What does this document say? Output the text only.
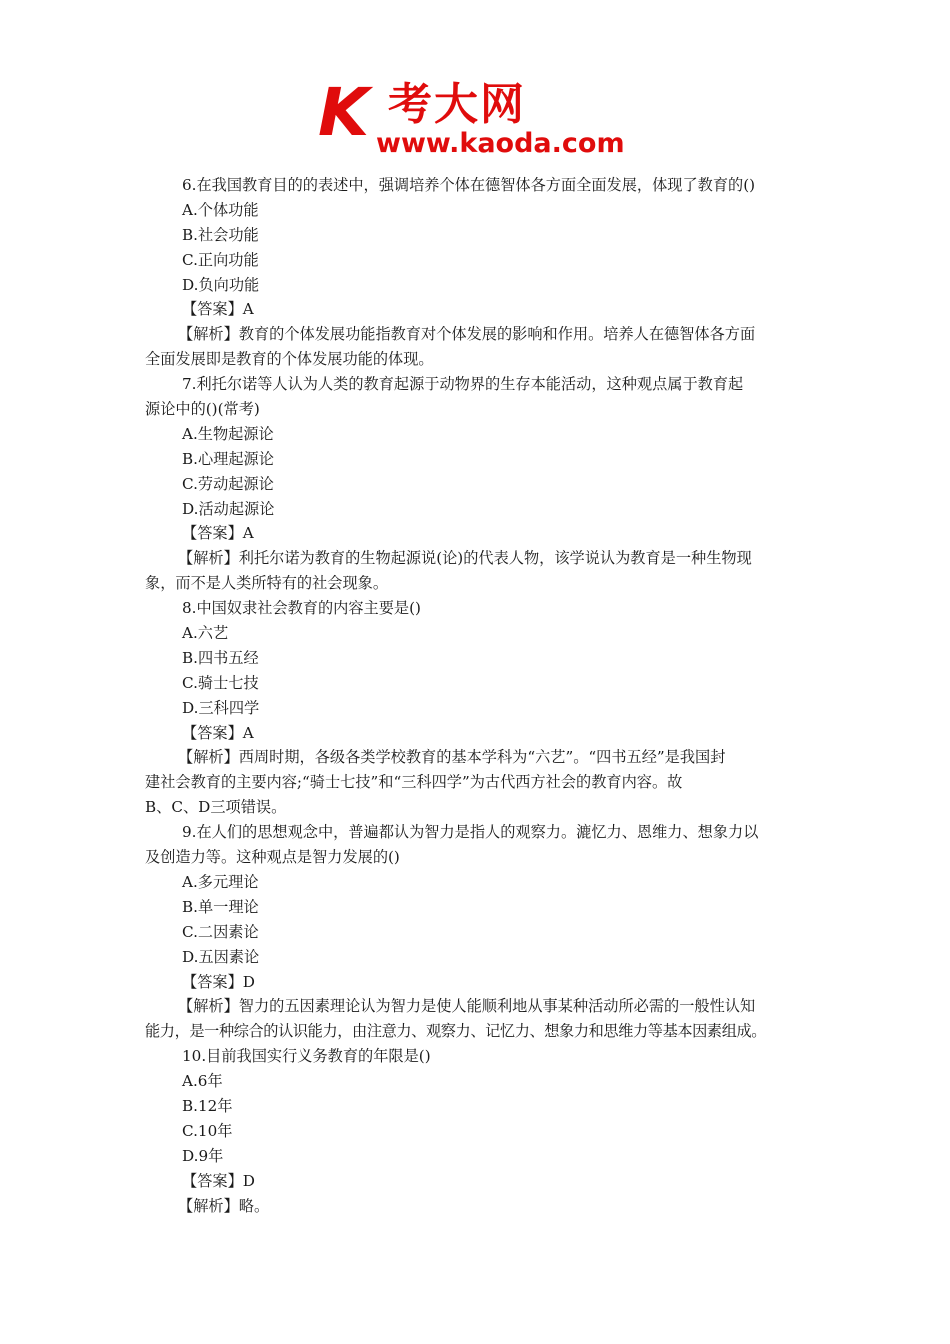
K 考大网
www.kaoda.com
6.在我国教育目的的表述中，强调培养个体在德智体各方面全面发展，体现了教育的()
A.个体功能
B.社会功能
C.正向功能
D.负向功能
【答案】A
【解析】教育的个体发展功能指教育对个体发展的影响和作用。培养人在德智体各方面
全面发展即是教育的个体发展功能的体现。
7.利托尔诺等人认为人类的教育起源于动物界的生存本能活动，这种观点属于教育起
源论中的()(常考)
A.生物起源论
B.心理起源论
C.劳动起源论
D.活动起源论
【答案】A
【解析】利托尔诺为教育的生物起源说(论)的代表人物，该学说认为教育是一种生物现
象，而不是人类所特有的社会现象。
8.中国奴隶社会教育的内容主要是()
A.六艺
B.四书五经
C.骑士七技
D.三科四学
【答案】A
【解析】西周时期，各级各类学校教育的基本学科为“六艺”。“四书五经”是我国封
建社会教育的主要内容;“骑士七技”和“三科四学”为古代西方社会的教育内容。故
B、C、D三项错误。
9.在人们的思想观念中，普遍都认为智力是指人的观察力。漉忆力、恩维力、想象力以
及创造力等。这种观点是智力发展的()
A.多元理论
B.单一理论
C.二因素论
D.五因素论
【答案】D
【解析】智力的五因素理论认为智力是使人能顺利地从事某种活动所必需的一般性认知
能力，是一种综合的认识能力，由注意力、观察力、记忆力、想象力和思维力等基本因素组成。
10.目前我国实行义务教育的年限是()
A.6年
B.12年
C.10年
D.9年
【答案】D
【解析】略。
